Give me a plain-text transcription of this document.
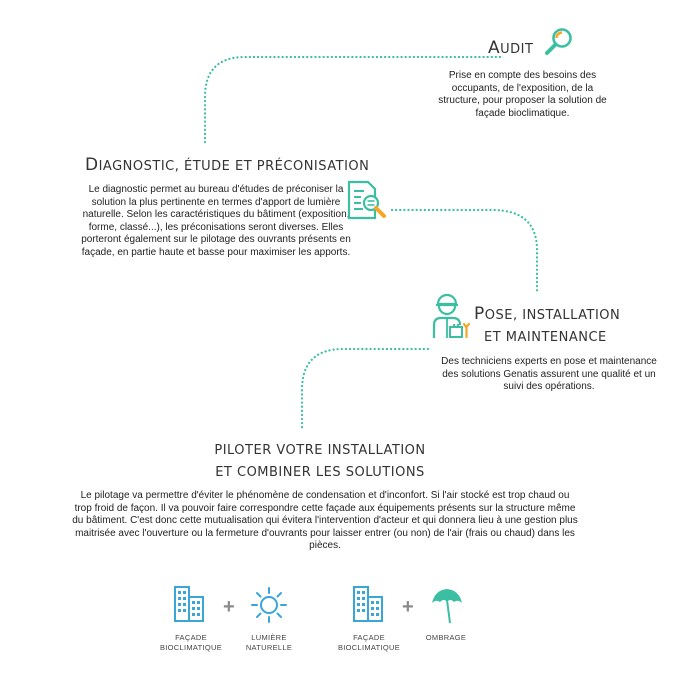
AUDIT
Prise en compte des besoins des occupants, de l'exposition, de la structure, pour proposer la solution de façade bioclimatique.
DIAGNOSTIC, ÉTUDE ET PRÉCONISATION
Le diagnostic permet au bureau d'études de préconiser la solution la plus pertinente en termes d'apport de lumière naturelle. Selon les caractéristiques du bâtiment (exposition, forme, classé...), les préconisations seront diverses. Elles porteront également sur le pilotage des ouvrants présents en façade, en partie haute et basse pour maximiser les apports.
POSE, INSTALLATION
ET MAINTENANCE
Des techniciens experts en pose et maintenance des solutions Genatis assurent une qualité et un suivi des opérations.
PILOTER VOTRE INSTALLATION
ET COMBINER LES SOLUTIONS
Le pilotage va permettre d'éviter le phénomène de condensation et d'inconfort. Si l'air stocké est trop chaud ou trop froid de façon. Il va pouvoir faire correspondre cette façade aux équipements présents sur la structure même du bâtiment. C'est donc cette mutualisation qui évitera l'intervention d'acteur et qui donnera lieu à une gestion plus maitrisée avec l'ouverture ou la fermeture d'ouvrants pour laisser entrer (ou non) de l'air (frais ou chaud) dans les pièces.
FAÇADE BIOCLIMATIQUE
+
LUMIÈRE NATURELLE
FAÇADE BIOCLIMATIQUE
+
OMBRAGE
